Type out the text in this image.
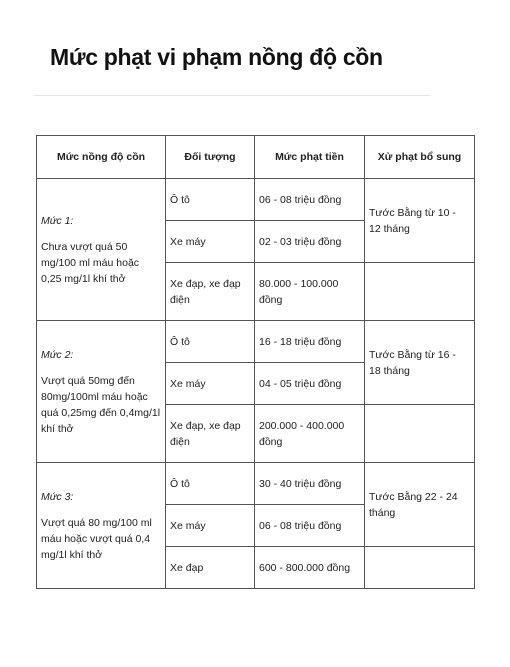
Mức phạt vi phạm nồng độ cồn
Mức nồng độ cồn	Đối tượng	Mức phạt tiền	Xử phạt bổ sung

Mức 1:
Chưa vượt quá 50 mg/100 ml máu hoặc 0,25 mg/1l khí thở	Ô tô	06 - 08 triệu đồng	Tước Bằng từ 10 - 12 tháng

	Xe máy	02 - 03 triệu đồng	
	Xe đạp, xe đạp điện	80.000 - 100.000 đồng	

Mức 2:
Vượt quá 50mg đến 80mg/100ml máu hoặc quá 0,25mg đến 0,4mg/1l khí thở	Ô tô	16 - 18 triệu đồng	Tước Bằng từ 16 - 18 tháng

	Xe máy	04 - 05 triệu đồng	
	Xe đạp, xe đạp điện	200.000 - 400.000 đồng	

Mức 3:
Vượt quá 80 mg/100 ml máu hoặc vượt quá 0,4 mg/1l khí thở	Ô tô	30 - 40 triệu đồng	Tước Bằng 22 - 24 tháng

	Xe máy	06 - 08 triệu đồng	
	Xe đạp	600 - 800.000 đồng	
